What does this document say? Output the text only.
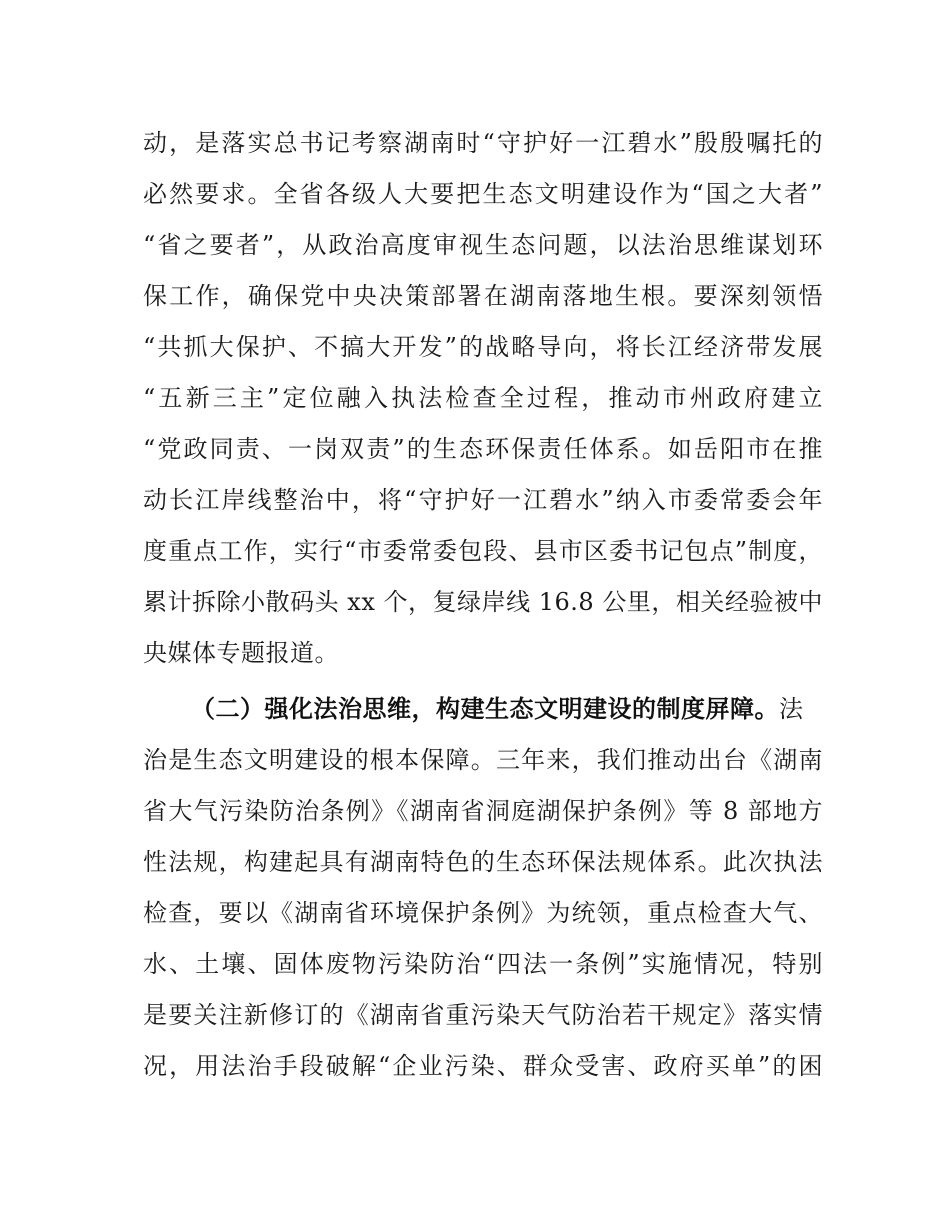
动，是落实总书记考察湖南时“守护好一江碧水”殷殷嘱托的
必然要求。全省各级人大要把生态文明建设作为“国之大者”
“省之要者”，从政治高度审视生态问题，以法治思维谋划环
保工作，确保党中央决策部署在湖南落地生根。要深刻领悟
“共抓大保护、不搞大开发”的战略导向，将长江经济带发展
“五新三主”定位融入执法检查全过程，推动市州政府建立
“党政同责、一岗双责”的生态环保责任体系。如岳阳市在推
动长江岸线整治中，将“守护好一江碧水”纳入市委常委会年
度重点工作，实行“市委常委包段、县市区委书记包点”制度，
累计拆除小散码头 xx 个，复绿岸线 16.8 公里，相关经验被中
央媒体专题报道。
（二）强化法治思维，构建生态文明建设的制度屏障。法
治是生态文明建设的根本保障。三年来，我们推动出台《湖南
省大气污染防治条例》《湖南省洞庭湖保护条例》等 8 部地方
性法规，构建起具有湖南特色的生态环保法规体系。此次执法
检查，要以《湖南省环境保护条例》为统领，重点检查大气、
水、土壤、固体废物污染防治“四法一条例”实施情况，特别
是要关注新修订的《湖南省重污染天气防治若干规定》落实情
况，用法治手段破解“企业污染、群众受害、政府买单”的困
